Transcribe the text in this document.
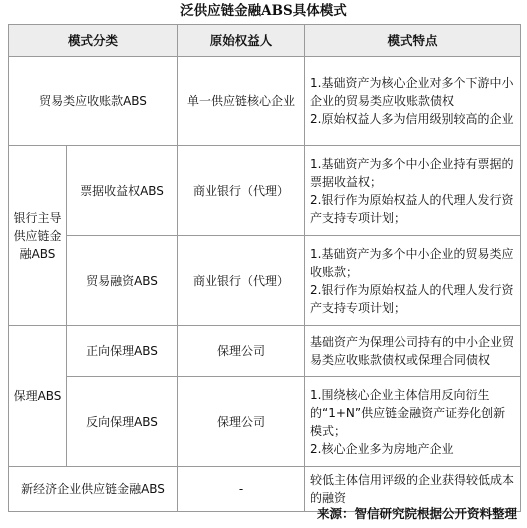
泛供应链金融ABS具体模式
模式分类		原始权益人	模式特点
贸易类应收账款ABS		单一供应链核心企业	1.基础资产为核心企业对多个下游中小企业的贸易类应收账款债权
2.原始权益人多为信用级别较高的企业

银行主导供应链金融ABS	票据收益权ABS	商业银行（代理）	1.基础资产为多个中小企业持有票据的票据收益权；
2.银行作为原始权益人的代理人发行资产支持专项计划；

	贸易融资ABS	商业银行（代理）	1.基础资产为多个中小企业的贸易类应收账款；
2.银行作为原始权益人的代理人发行资产支持专项计划；

保理ABS	正向保理ABS	保理公司	基础资产为保理公司持有的中小企业贸易类应收账款债权或保理合同债权

	反向保理ABS	保理公司	1.围绕核心企业主体信用反向衍生的“1+N”供应链金融资产证券化创新模式；
2.核心企业多为房地产企业

新经济企业供应链金融ABS		-	较低主体信用评级的企业获得较低成本的融资
来源：智信研究院根据公开资料整理
